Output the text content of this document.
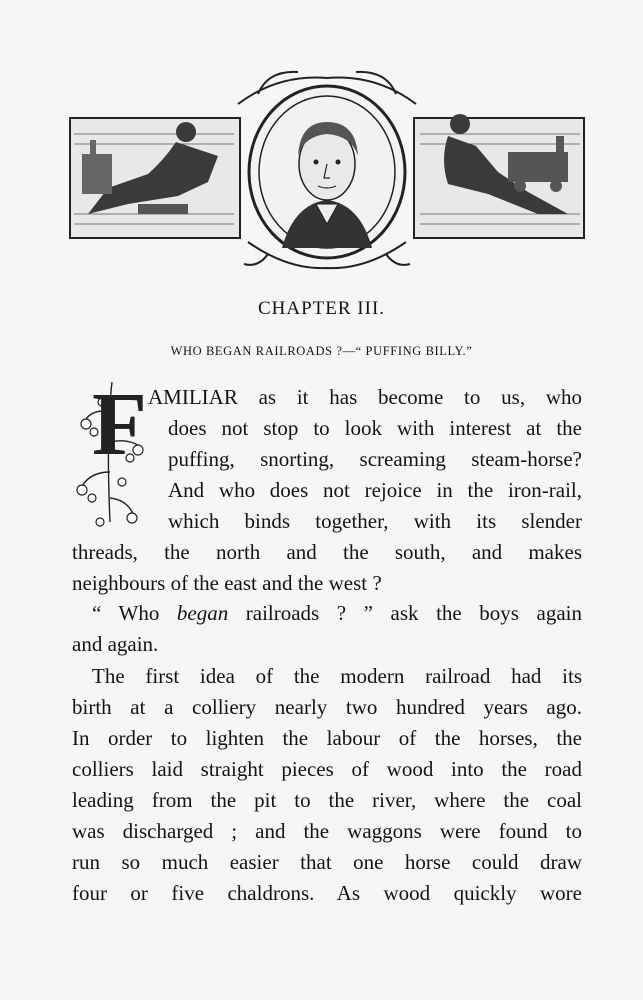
CHAPTER III.
WHO BEGAN RAILROADS ?—“ PUFFING BILLY.”
F AMILIAR as it has become to us, who
does not stop to look with interest at the
puffing, snorting, screaming steam-horse?
And who does not rejoice in the iron-rail,
which binds together, with its slender
threads, the north and the south, and makes
neighbours of the east and the west ?
“ Who began railroads ? ” ask the boys again
and again.
The first idea of the modern railroad had its
birth at a colliery nearly two hundred years ago.
In order to lighten the labour of the horses, the
colliers laid straight pieces of wood into the road
leading from the pit to the river, where the coal
was discharged ; and the waggons were found to
run so much easier that one horse could draw
four or five chaldrons. As wood quickly wore
